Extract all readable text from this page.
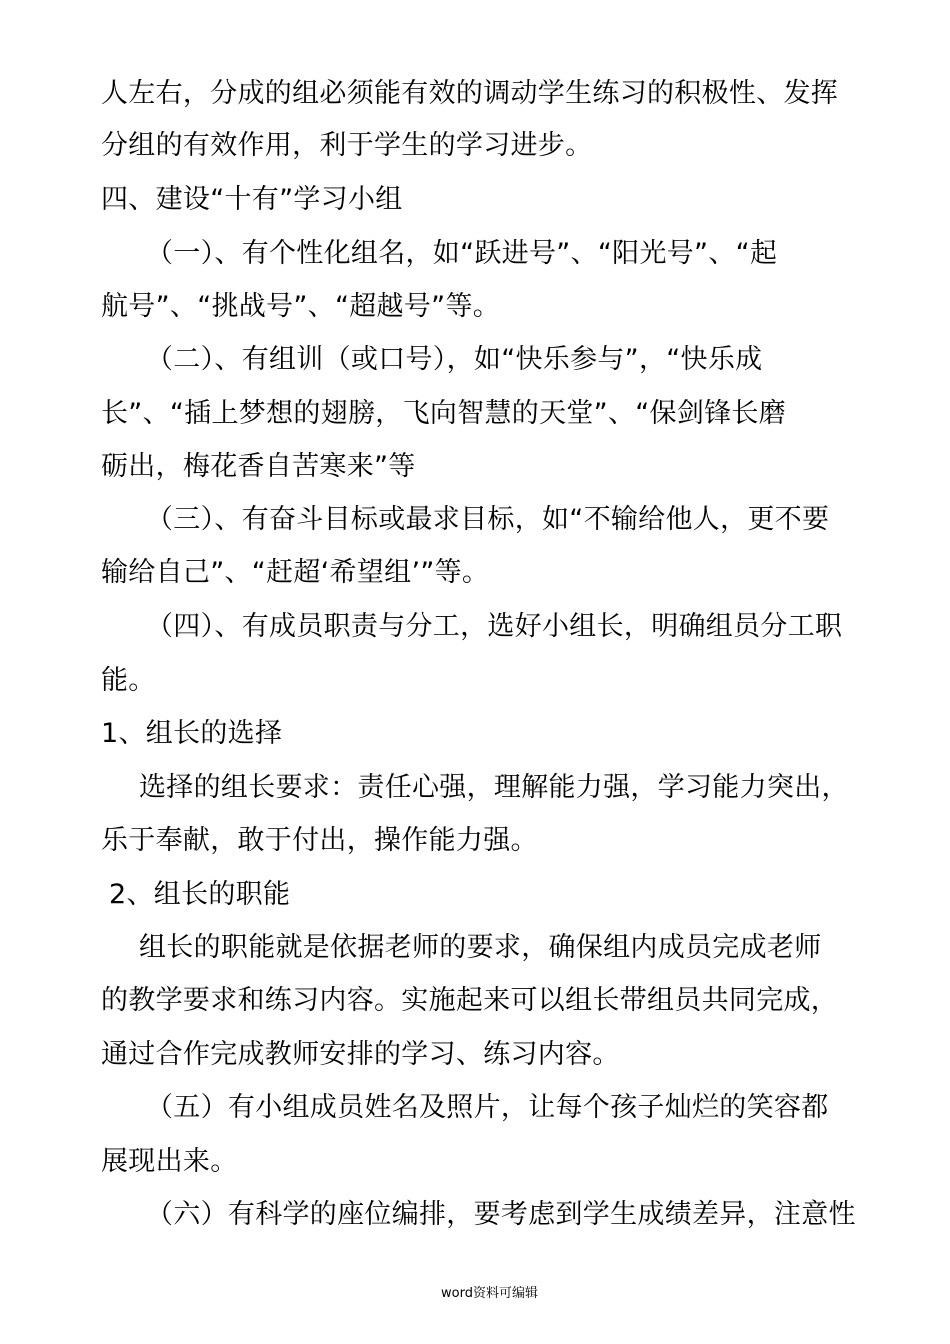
人左右，分成的组必须能有效的调动学生练习的积极性、发挥
分组的有效作用，利于学生的学习进步。
四、建设“十有”学习小组
（一）、有个性化组名，如“跃进号”、“阳光号”、“起
航号”、“挑战号”、“超越号”等。
（二）、有组训（或口号），如“快乐参与”，“快乐成
长”、“插上梦想的翅膀，飞向智慧的天堂”、“保剑锋长磨
砺出，梅花香自苦寒来”等
（三）、有奋斗目标或最求目标，如“不输给他人，更不要
输给自己”、“赶超‘希望组’”等。
（四）、有成员职责与分工，选好小组长，明确组员分工职
能。
1、组长的选择
选择的组长要求：责任心强，理解能力强，学习能力突出，
乐于奉献，敢于付出，操作能力强。
2、组长的职能
组长的职能就是依据老师的要求，确保组内成员完成老师
的教学要求和练习内容。实施起来可以组长带组员共同完成，
通过合作完成教师安排的学习、练习内容。
（五）有小组成员姓名及照片，让每个孩子灿烂的笑容都
展现出来。
（六）有科学的座位编排，要考虑到学生成绩差异，注意性
word资料可编辑
